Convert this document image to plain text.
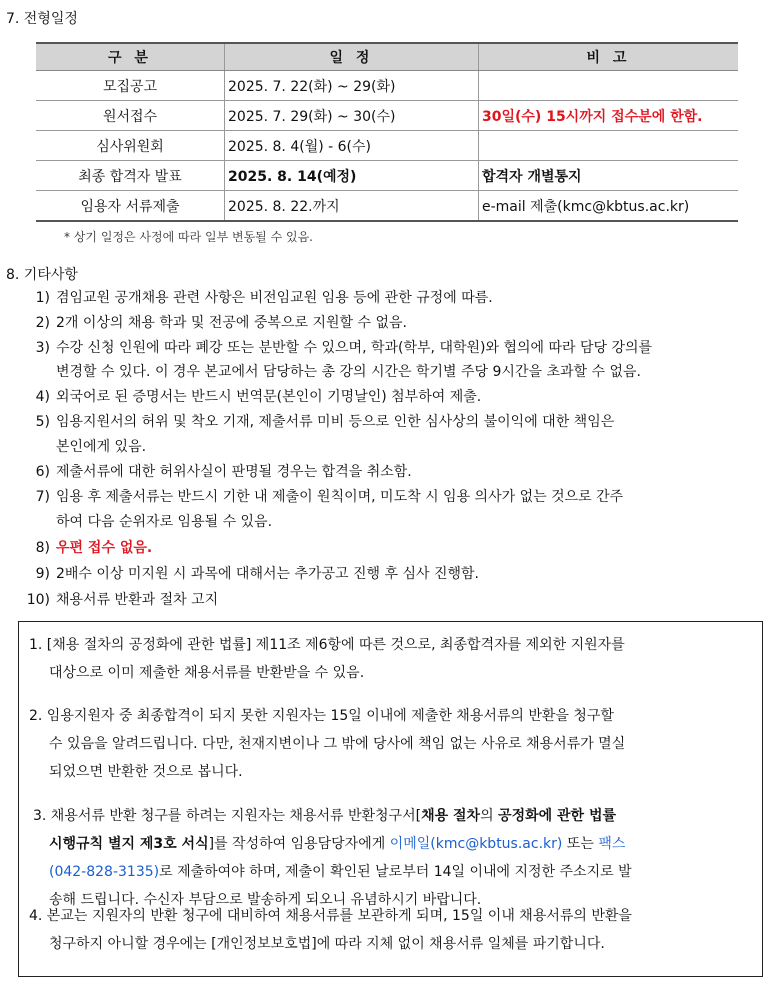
7. 전형일정
구 분	일 정	비 고
모집공고	2025. 7. 22(화) ~ 29(화)	
원서접수	2025. 7. 29(화) ~ 30(수)	30일(수) 15시까지 접수분에 한함.
심사위원회	2025. 8. 4(월) - 6(수)	
최종 합격자 발표	2025. 8. 14(예정)	합격자 개별통지
임용자 서류제출	2025. 8. 22.까지	e-mail 제출(kmc@kbtus.ac.kr)
* 상기 일정은 사정에 따라 일부 변동될 수 있음.
8. 기타사항
1) 겸임교원 공개채용 관련 사항은 비전임교원 임용 등에 관한 규정에 따름.
2) 2개 이상의 채용 학과 및 전공에 중복으로 지원할 수 없음.
3) 수강 신청 인원에 따라 폐강 또는 분반할 수 있으며, 학과(학부, 대학원)와 협의에 따라 담당 강의를
변경할 수 있다. 이 경우 본교에서 담당하는 총 강의 시간은 학기별 주당 9시간을 초과할 수 없음.
4) 외국어로 된 증명서는 반드시 번역문(본인이 기명날인) 첨부하여 제출.
5) 임용지원서의 허위 및 착오 기재, 제출서류 미비 등으로 인한 심사상의 불이익에 대한 책임은
본인에게 있음.
6) 제출서류에 대한 허위사실이 판명될 경우는 합격을 취소함.
7) 임용 후 제출서류는 반드시 기한 내 제출이 원칙이며, 미도착 시 임용 의사가 없는 것으로 간주
하여 다음 순위자로 임용될 수 있음.
8) 우편 접수 없음.
9) 2배수 이상 미지원 시 과목에 대해서는 추가공고 진행 후 심사 진행함.
10) 채용서류 반환과 절차 고지
1. [채용 절차의 공정화에 관한 법률] 제11조 제6항에 따른 것으로, 최종합격자를 제외한 지원자를
대상으로 이미 제출한 채용서류를 반환받을 수 있음.
2. 임용지원자 중 최종합격이 되지 못한 지원자는 15일 이내에 제출한 채용서류의 반환을 청구할
수 있음을 알려드립니다. 다만, 천재지변이나 그 밖에 당사에 책임 없는 사유로 채용서류가 멸실
되었으면 반환한 것으로 봅니다.
3. 채용서류 반환 청구를 하려는 지원자는 채용서류 반환청구서[채용 절차의 공정화에 관한 법률
시행규칙 별지 제3호 서식]를 작성하여 임용담당자에게 이메일(kmc@kbtus.ac.kr) 또는 팩스
(042-828-3135)로 제출하여야 하며, 제출이 확인된 날로부터 14일 이내에 지정한 주소지로 발
송해 드립니다. 수신자 부담으로 발송하게 되오니 유념하시기 바랍니다.
4. 본교는 지원자의 반환 청구에 대비하여 채용서류를 보관하게 되며, 15일 이내 채용서류의 반환을
청구하지 아니할 경우에는 [개인정보보호법]에 따라 지체 없이 채용서류 일체를 파기합니다.
